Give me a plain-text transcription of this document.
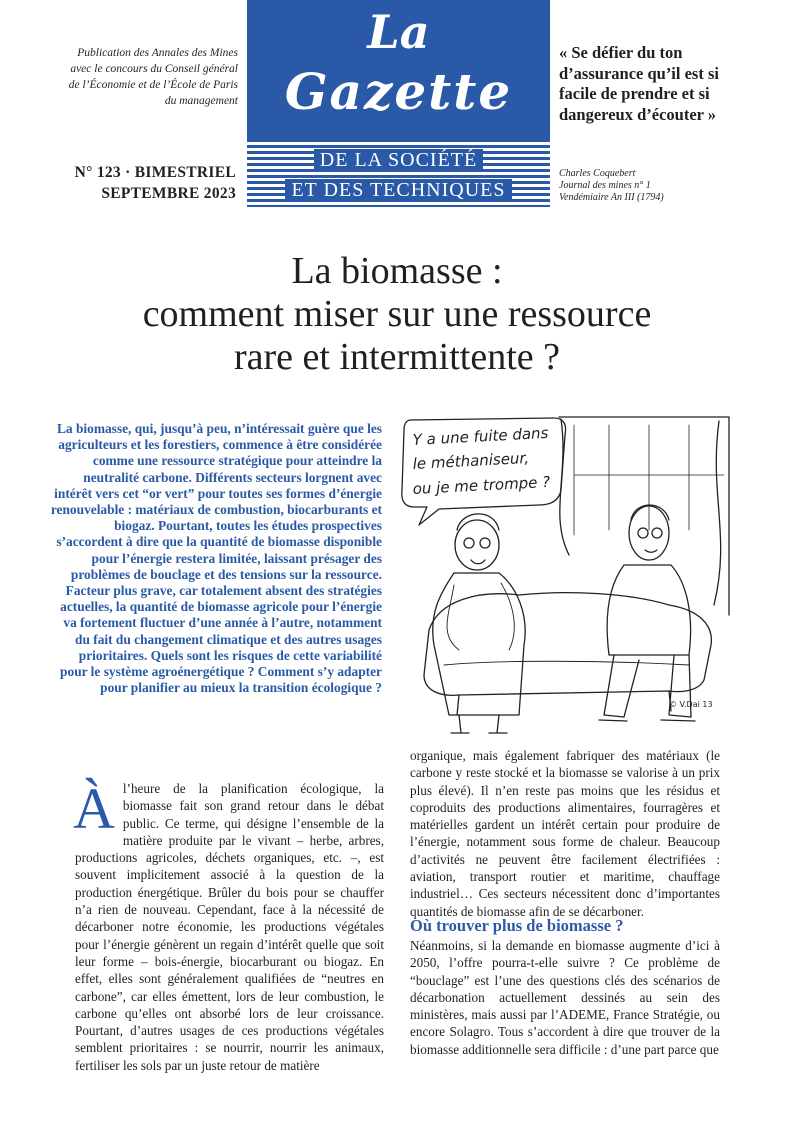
Publication des Annales des Mines avec le concours du Conseil général de l’Économie et de l’École de Paris du management
La
Gazette
DE LA SOCIÉTÉ
ET DES TECHNIQUES
N° 123 · BIMESTRIEL
SEPTEMBRE 2023
« Se défier du ton d’assurance qu’il est si facile de prendre et si dangereux d’écouter »
Charles Coquebert
Journal des mines n° 1
Vendémiaire An III (1794)
La biomasse :
comment miser sur une ressource
rare et intermittente ?
La biomasse, qui, jusqu’à peu, n’intéressait guère que les agriculteurs et les forestiers, commence à être considérée comme une ressource stratégique pour atteindre la neutralité carbone. Différents secteurs lorgnent avec intérêt vers cet “or vert” pour toutes ses formes d’énergie renouvelable : matériaux de combustion, biocarburants et biogaz. Pourtant, toutes les études prospectives s’accordent à dire que la quantité de biomasse disponible pour l’énergie restera limitée, laissant présager des problèmes de bouclage et des tensions sur la ressource. Facteur plus grave, car totalement absent des stratégies actuelles, la quantité de biomasse agricole pour l’énergie va fortement fluctuer d’une année à l’autre, notamment du fait du changement climatique et des autres usages prioritaires. Quels sont les risques de cette variabilité pour le système agroénergétique ? Comment s’y adapter pour planifier au mieux la transition écologique ?
Y a une fuite dans
le méthaniseur,
ou je me trompe ?
© V.Dai 13
À l’heure de la planification écologique, la biomasse fait son grand retour dans le débat public. Ce terme, qui désigne l’ensemble de la matière produite par le vivant – herbe, arbres, productions agricoles, déchets organiques, etc. –, est souvent implicitement associé à la question de la production énergétique. Brûler du bois pour se chauffer n’a rien de nouveau. Cependant, face à la nécessité de décarboner notre économie, les productions végétales pour l’énergie génèrent un regain d’intérêt quelle que soit leur forme – bois-énergie, biocarburant ou biogaz. En effet, elles sont généralement qualifiées de “neutres en carbone”, car elles émettent, lors de leur combustion, le carbone qu’elles ont absorbé lors de leur croissance. Pourtant, d’autres usages de ces productions végétales semblent prioritaires : se nourrir, nourrir les animaux, fertiliser les sols par un juste retour de matière
organique, mais également fabriquer des matériaux (le carbone y reste stocké et la biomasse se valorise à un prix plus élevé). Il n’en reste pas moins que les résidus et coproduits des productions alimentaires, fourragères et matérielles gardent un intérêt certain pour produire de l’énergie, notamment sous forme de chaleur. Beaucoup d’activités ne peuvent être facilement électrifiées : aviation, transport routier et maritime, chauffage industriel… Ces secteurs nécessitent donc d’importantes quantités de biomasse afin de se décarboner.
Où trouver plus de biomasse ?
Néanmoins, si la demande en biomasse augmente d’ici à 2050, l’offre pourra-t-elle suivre ? Ce problème de “bouclage” est l’une des questions clés des scénarios de décarbonation actuellement dessinés au sein des ministères, mais aussi par l’ADEME, France Stratégie, ou encore Solagro. Tous s’accordent à dire que trouver de la biomasse additionnelle sera difficile : d’une part parce que
